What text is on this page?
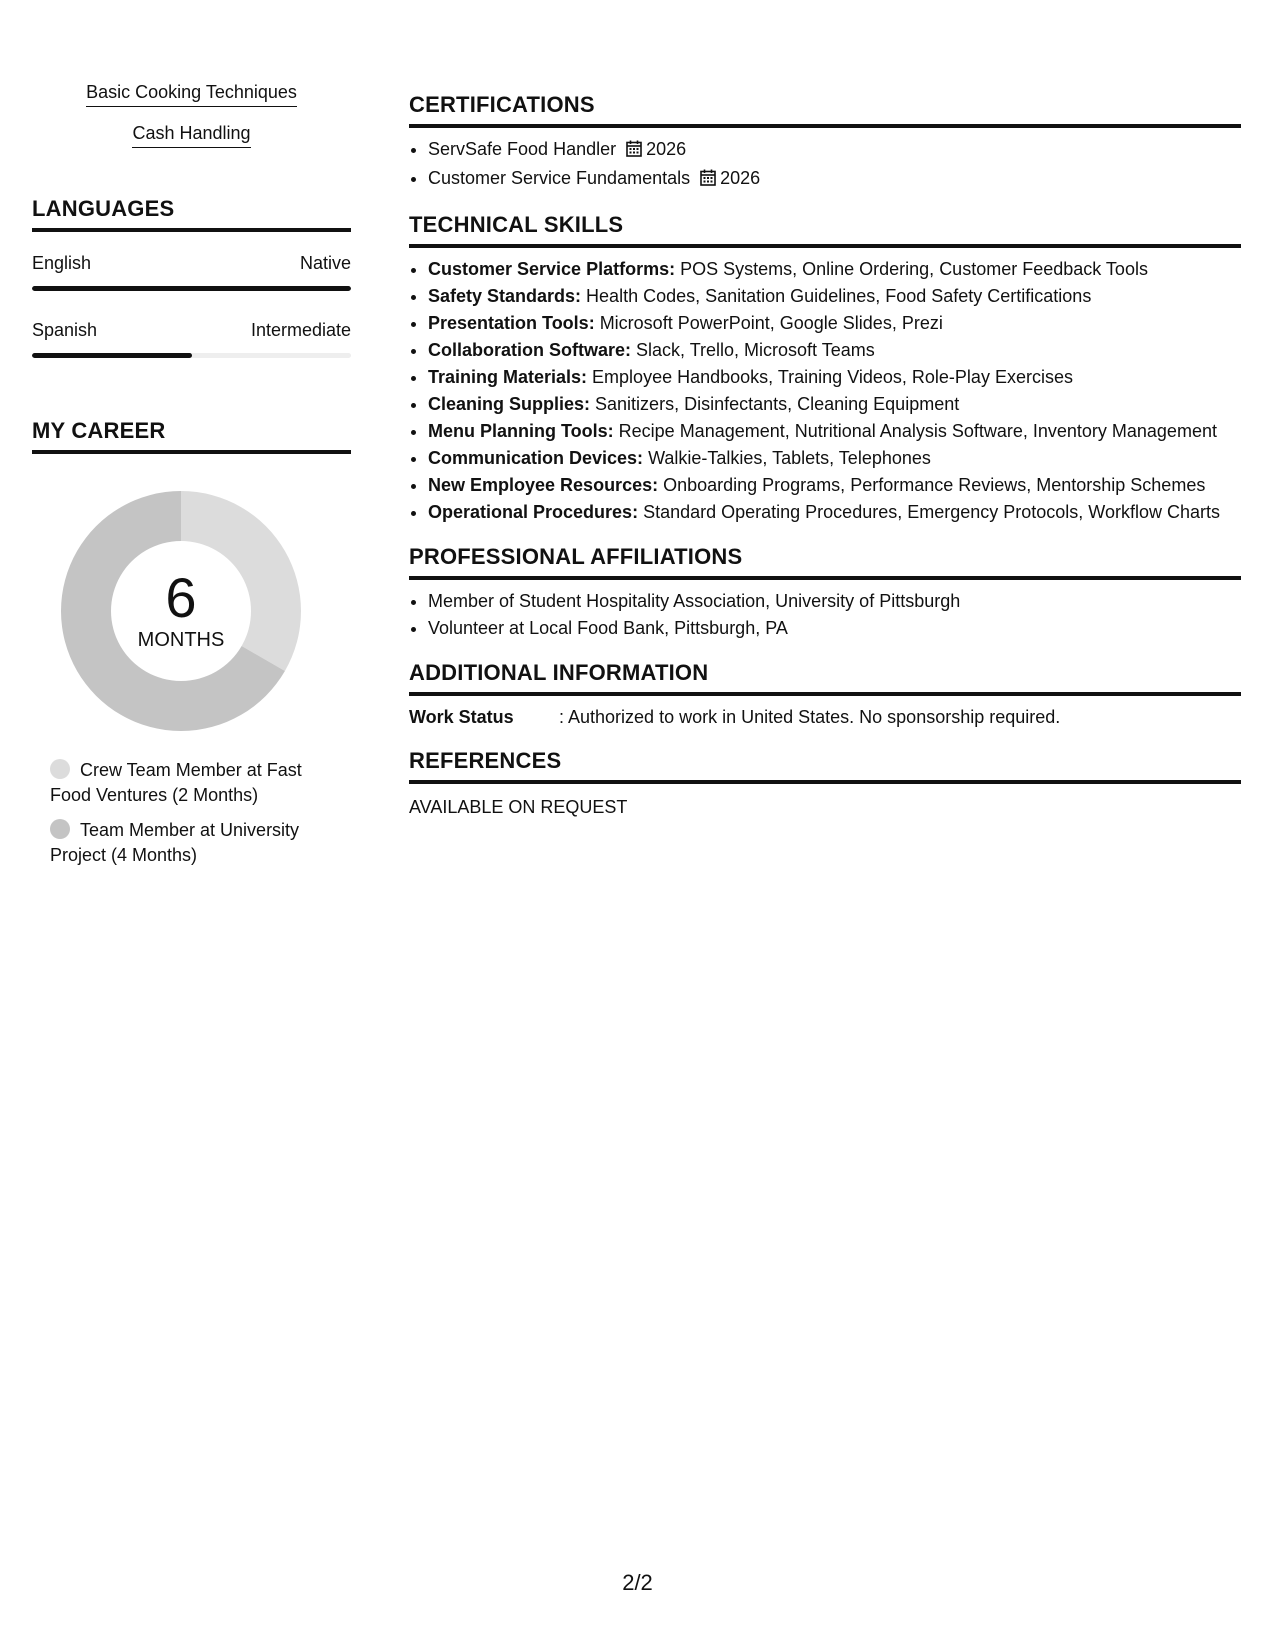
Basic Cooking Techniques
Cash Handling
LANGUAGES
English	Native
Spanish	Intermediate
MY CAREER
6
MONTHS
Crew Team Member at Fast Food Ventures (2 Months)
Team Member at University Project (4 Months)
CERTIFICATIONS
• ServSafe Food Handler 2026
• Customer Service Fundamentals 2026
TECHNICAL SKILLS
• Customer Service Platforms: POS Systems, Online Ordering, Customer Feedback Tools
• Safety Standards: Health Codes, Sanitation Guidelines, Food Safety Certifications
• Presentation Tools: Microsoft PowerPoint, Google Slides, Prezi
• Collaboration Software: Slack, Trello, Microsoft Teams
• Training Materials: Employee Handbooks, Training Videos, Role-Play Exercises
• Cleaning Supplies: Sanitizers, Disinfectants, Cleaning Equipment
• Menu Planning Tools: Recipe Management, Nutritional Analysis Software, Inventory Management
• Communication Devices: Walkie-Talkies, Tablets, Telephones
• New Employee Resources: Onboarding Programs, Performance Reviews, Mentorship Schemes
• Operational Procedures: Standard Operating Procedures, Emergency Protocols, Workflow Charts
PROFESSIONAL AFFILIATIONS
• Member of Student Hospitality Association, University of Pittsburgh
• Volunteer at Local Food Bank, Pittsburgh, PA
ADDITIONAL INFORMATION
Work Status	: Authorized to work in United States. No sponsorship required.
REFERENCES
AVAILABLE ON REQUEST
2/2
